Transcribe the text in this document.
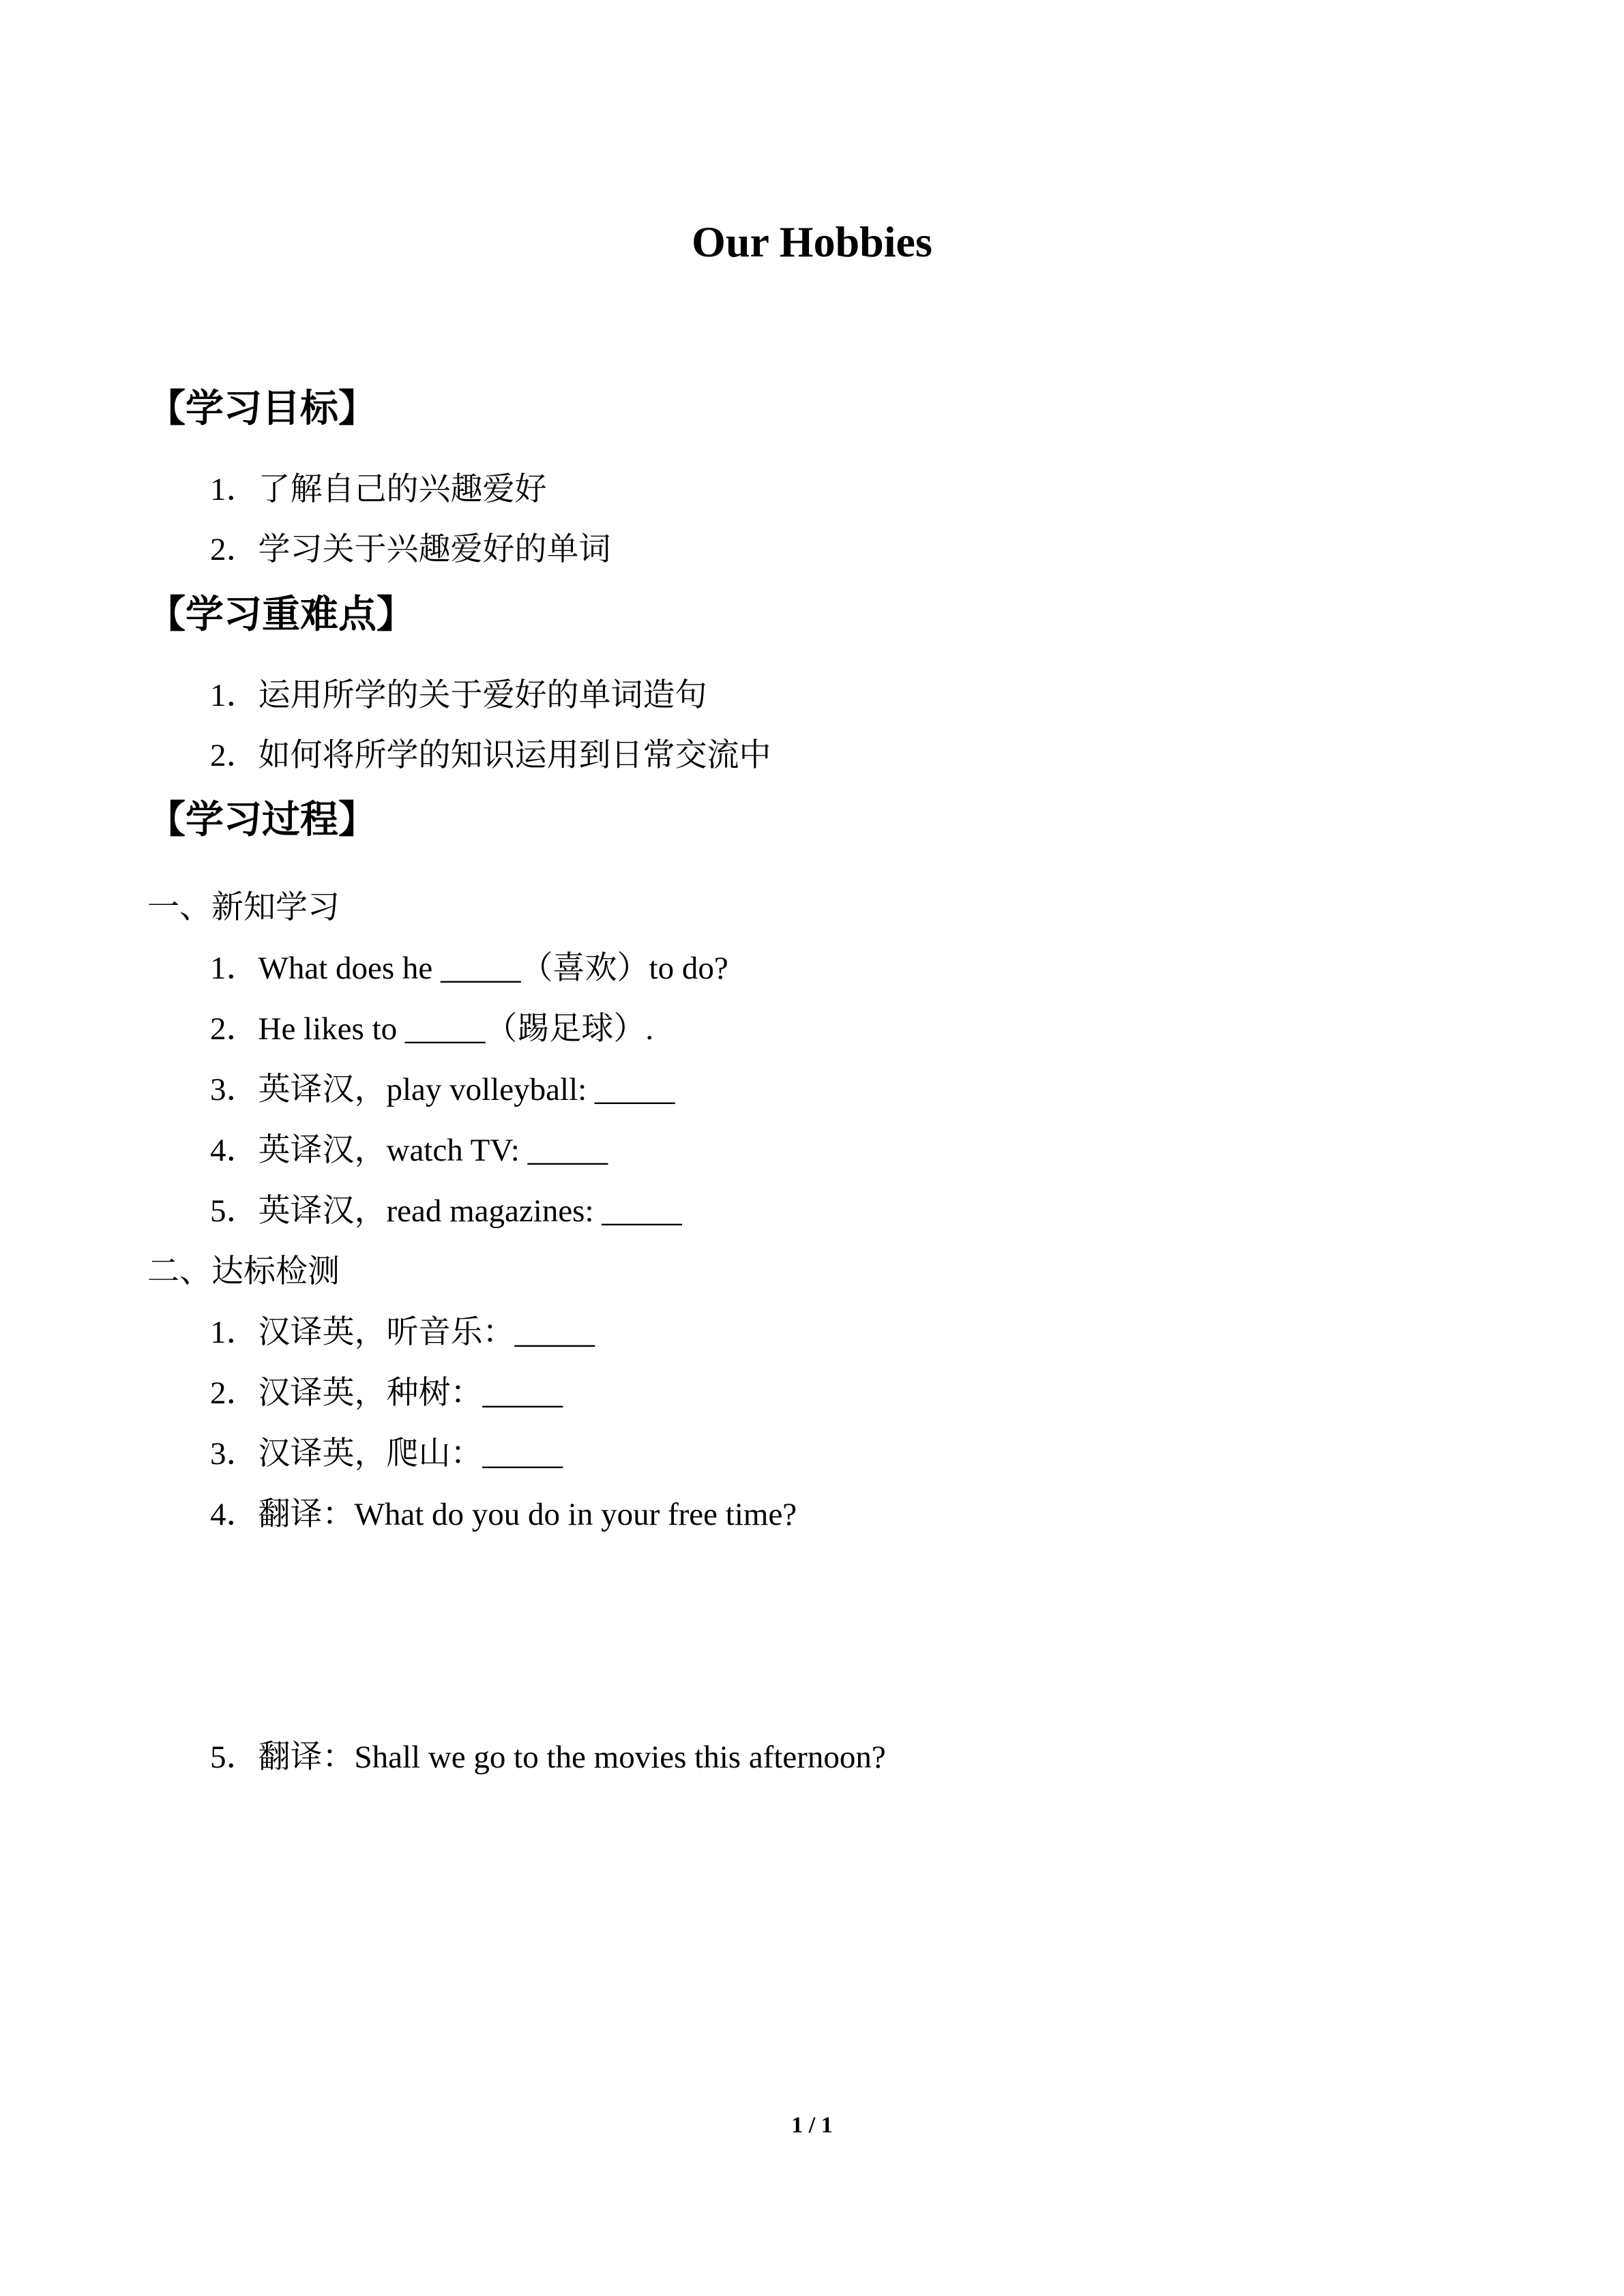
Our Hobbies
【学习目标】
1．了解自己的兴趣爱好
2．学习关于兴趣爱好的单词
【学习重难点】
1．运用所学的关于爱好的单词造句
2．如何将所学的知识运用到日常交流中
【学习过程】
一、新知学习
1．What does he _____（喜欢）to do?
2．He likes to _____（踢足球）.
3．英译汉，play volleyball: _____
4．英译汉，watch TV: _____
5．英译汉，read magazines: _____
二、达标检测
1．汉译英，听音乐：_____
2．汉译英，种树：_____
3．汉译英，爬山：_____
4．翻译：What do you do in your free time?
5．翻译：Shall we go to the movies this afternoon?
1 / 1
